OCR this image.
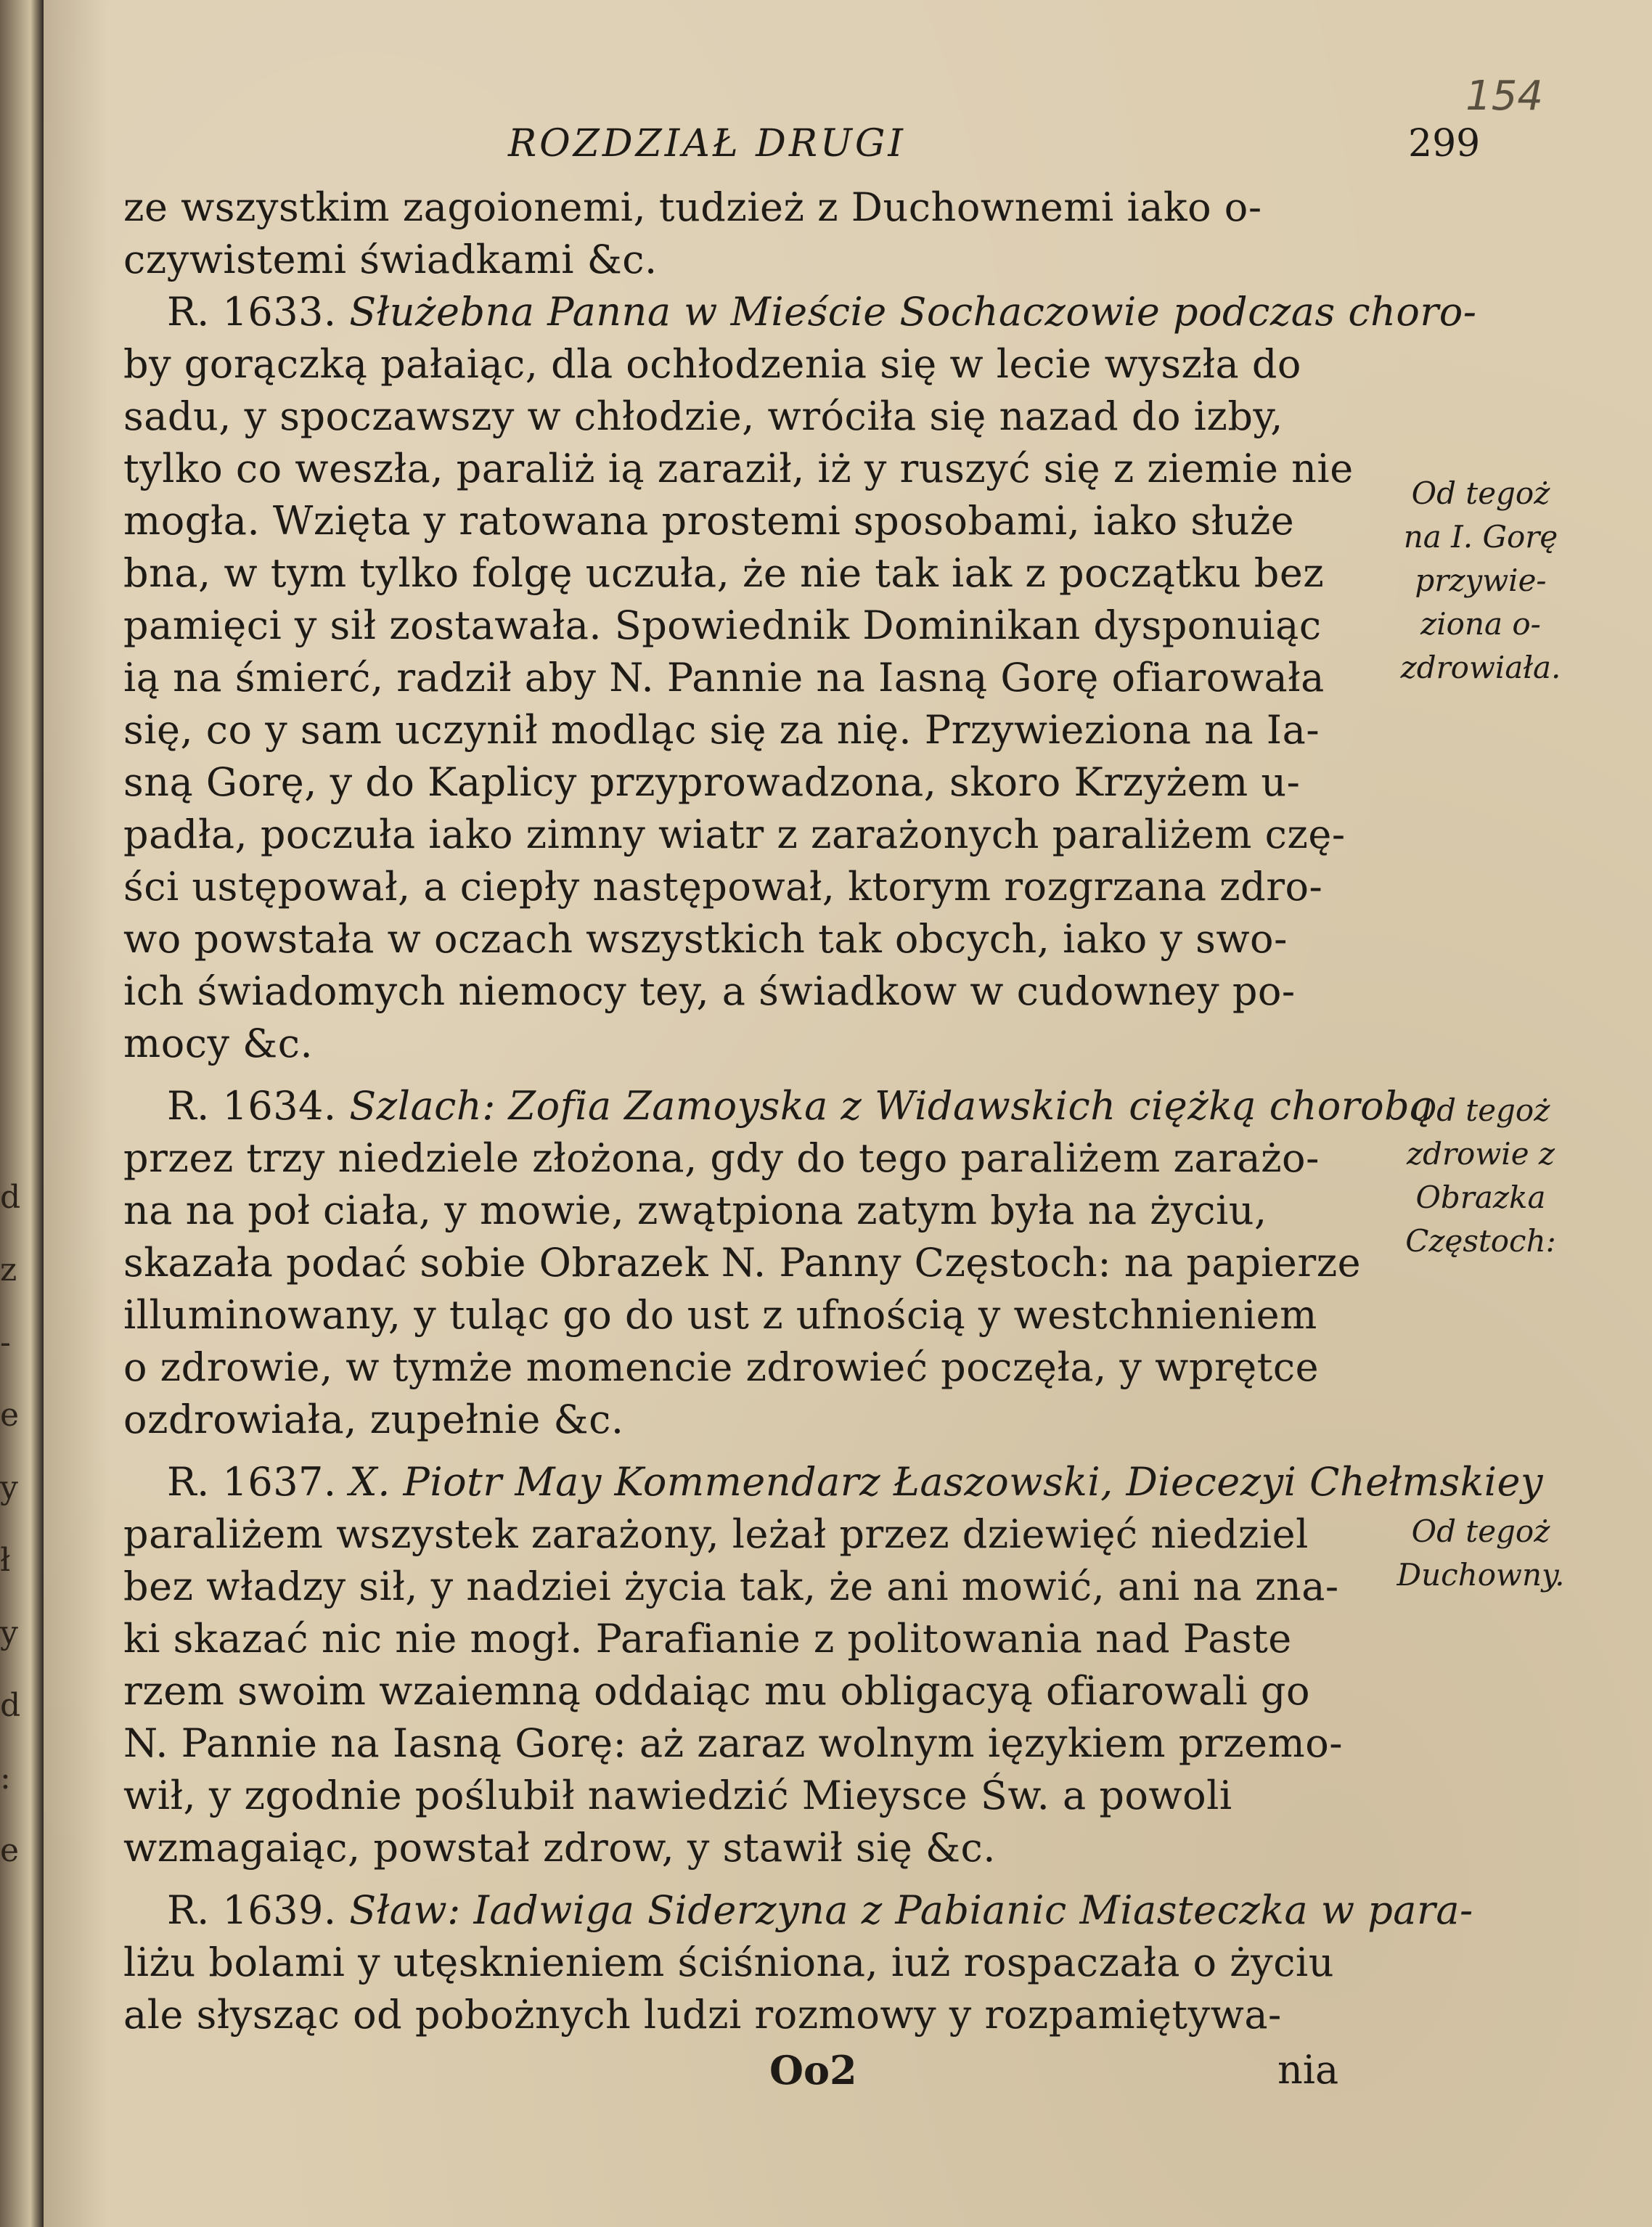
d
z
-
e
y
ł
y
d
:
e
154
ROZDZIAŁ DRUGI	299
ze wszystkim zagoionemi, tudzież z Duchownemi iako o-
czywistemi świadkami &c.
R. 1633. Służebna Panna w Mieście Sochaczowie podczas choro-
by gorączką pałaiąc, dla ochłodzenia się w lecie wyszła do
sadu, y spoczawszy w chłodzie, wróciła się nazad do izby,
tylko co weszła, paraliż ią zaraził, iż y ruszyć się z ziemie nie
mogła. Wzięta y ratowana prostemi sposobami, iako służe
bna, w tym tylko folgę uczuła, że nie tak iak z początku bez
pamięci y sił zostawała. Spowiednik Dominikan dysponuiąc
ią na śmierć, radził aby N. Pannie na Iasną Gorę ofiarowała
się, co y sam uczynił modląc się za nię. Przywieziona na Ia-
sną Gorę, y do Kaplicy przyprowadzona, skoro Krzyżem u-
padła, poczuła iako zimny wiatr z zarażonych paraliżem czę-
ści ustępował, a ciepły następował, ktorym rozgrzana zdro-
wo powstała w oczach wszystkich tak obcych, iako y swo-
ich świadomych niemocy tey, a świadkow w cudowney po-
mocy &c.
R. 1634. Szlach: Zofia Zamoyska z Widawskich ciężką chorobą
przez trzy niedziele złożona, gdy do tego paraliżem zarażo-
na na poł ciała, y mowie, zwątpiona zatym była na życiu,
skazała podać sobie Obrazek N. Panny Częstoch: na papierze
illuminowany, y tuląc go do ust z ufnością y westchnieniem
o zdrowie, w tymże momencie zdrowieć poczęła, y wprętce
ozdrowiała, zupełnie &c.
R. 1637. X. Piotr May Kommendarz Łaszowski, Diecezyi Chełmskiey
paraliżem wszystek zarażony, leżał przez dziewięć niedziel
bez władzy sił, y nadziei życia tak, że ani mowić, ani na zna-
ki skazać nic nie mogł. Parafianie z politowania nad Paste
rzem swoim wzaiemną oddaiąc mu obligacyą ofiarowali go
N. Pannie na Iasną Gorę: aż zaraz wolnym ięzykiem przemo-
wił, y zgodnie poślubił nawiedzić Mieysce Św. a powoli
wzmagaiąc, powstał zdrow, y stawił się &c.
R. 1639. Sław: Iadwiga Siderzyna z Pabianic Miasteczka w para-
liżu bolami y utęsknieniem ściśniona, iuż rospaczała o życiu
ale słysząc od pobożnych ludzi rozmowy y rozpamiętywa-
Od tegoż
na I. Gorę
przywie-
ziona o-
zdrowiała.
Od tegoż
zdrowie z
Obrazka
Częstoch:
Od tegoż
Duchowny.
Oo2	nia
